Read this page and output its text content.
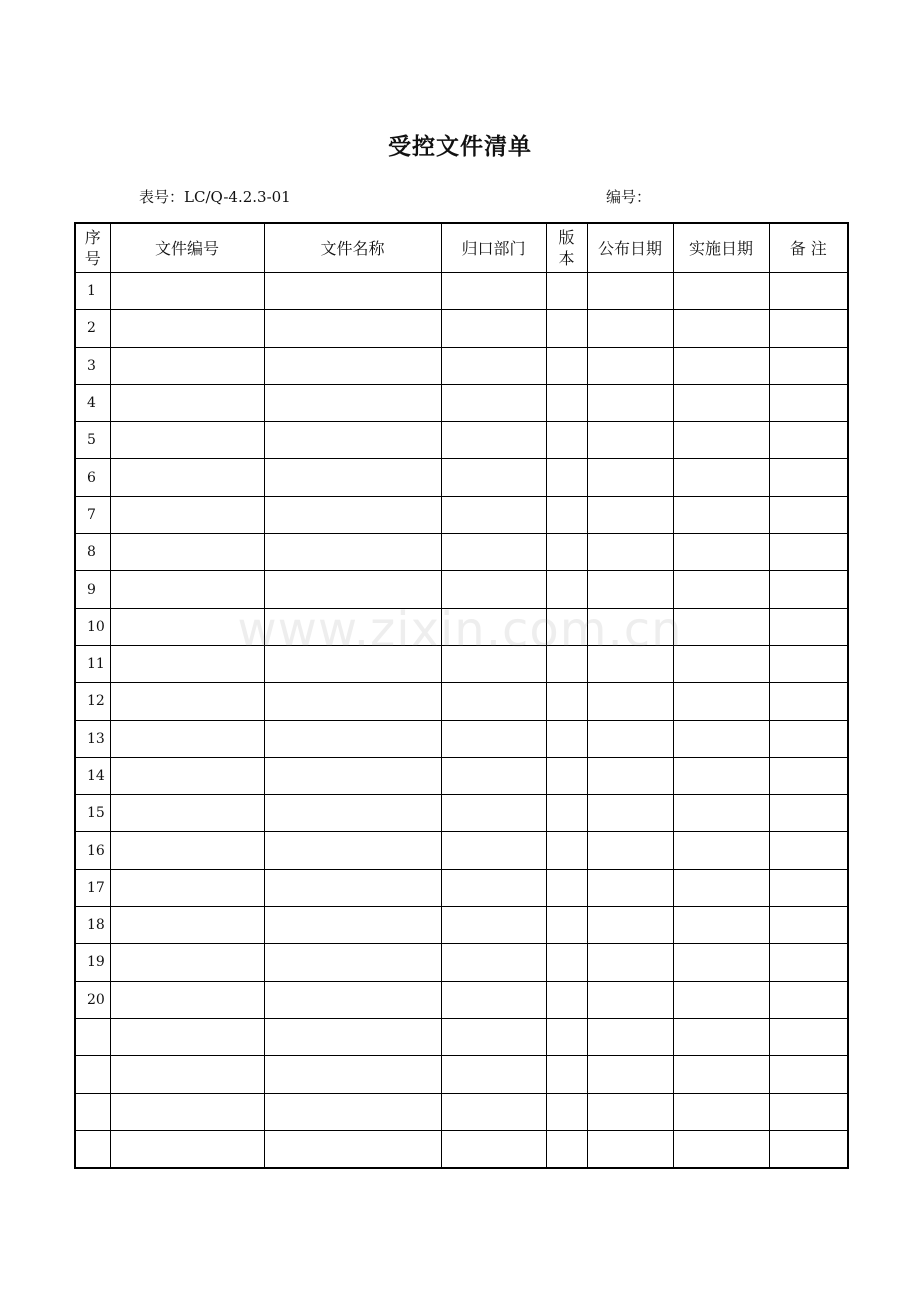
受控文件清单
表号：LC/Q-4.2.3-01	编号：
序号	文件编号	文件名称	归口部门	版本	公布日期	实施日期	备 注
1							
2							
3							
4							
5							
6							
7							
8							
9							
10							
11							
12							
13							
14							
15							
16							
17							
18							
19							
20							

www.zixin.com.cn
